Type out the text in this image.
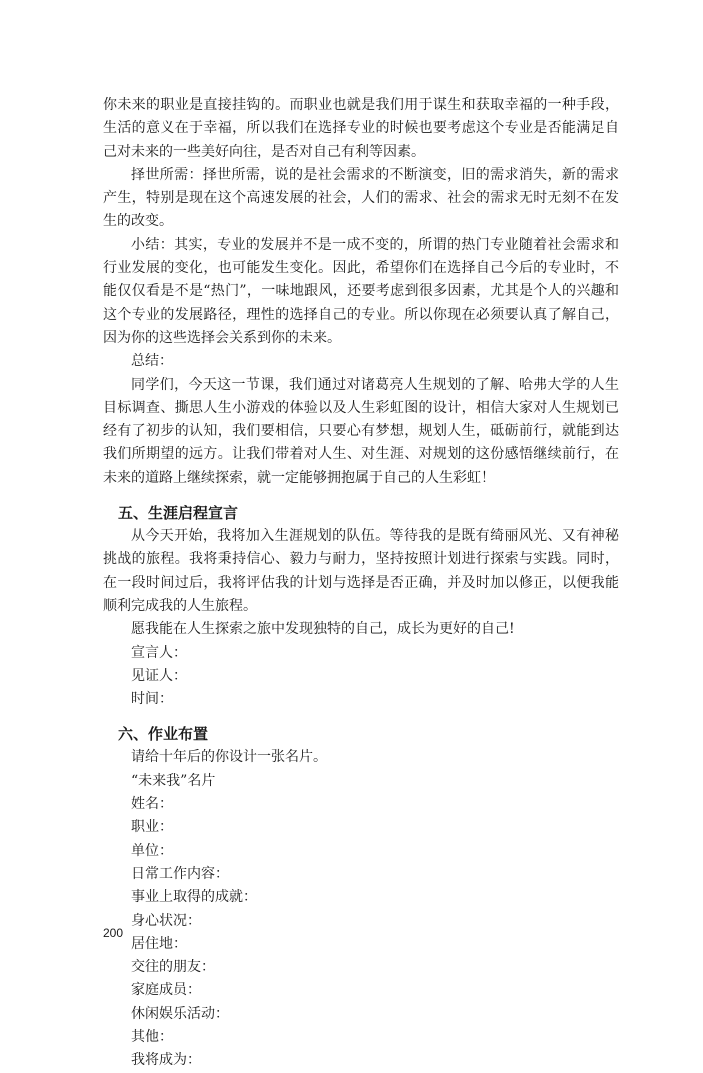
你未来的职业是直接挂钩的。而职业也就是我们用于谋生和获取幸福的一种手段，生活的意义在于幸福，所以我们在选择专业的时候也要考虑这个专业是否能满足自己对未来的一些美好向往，是否对自己有利等因素。

择世所需：择世所需，说的是社会需求的不断演变，旧的需求消失，新的需求产生，特别是现在这个高速发展的社会，人们的需求、社会的需求无时无刻不在发生的改变。

小结：其实，专业的发展并不是一成不变的，所谓的热门专业随着社会需求和行业发展的变化，也可能发生变化。因此，希望你们在选择自己今后的专业时，不能仅仅看是不是“热门”，一味地跟风，还要考虑到很多因素，尤其是个人的兴趣和这个专业的发展路径，理性的选择自己的专业。所以你现在必须要认真了解自己，因为你的这些选择会关系到你的未来。

总结：

同学们，今天这一节课，我们通过对诸葛亮人生规划的了解、哈弗大学的人生目标调查、撕思人生小游戏的体验以及人生彩虹图的设计，相信大家对人生规划已经有了初步的认知，我们要相信，只要心有梦想，规划人生，砥砺前行，就能到达我们所期望的远方。让我们带着对人生、对生涯、对规划的这份感悟继续前行，在未来的道路上继续探索，就一定能够拥抱属于自己的人生彩虹！

五、生涯启程宣言

从今天开始，我将加入生涯规划的队伍。等待我的是既有绮丽风光、又有神秘挑战的旅程。我将秉持信心、毅力与耐力，坚持按照计划进行探索与实践。同时，在一段时间过后，我将评估我的计划与选择是否正确，并及时加以修正，以便我能顺利完成我的人生旅程。

愿我能在人生探索之旅中发现独特的自己，成长为更好的自己!

宣言人：

见证人：

时间：

六、作业布置

请给十年后的你设计一张名片。

“未来我”名片

姓名：

职业：

单位：

日常工作内容：

事业上取得的成就：

身心状况：

居住地：

交往的朋友：

家庭成员：

休闲娱乐活动：

其他：

我将成为：

200
